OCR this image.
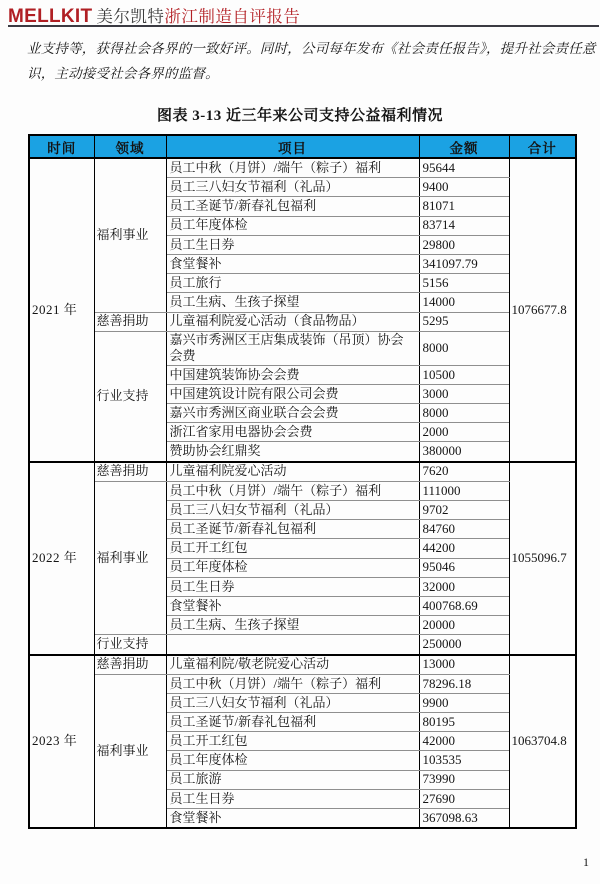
MELLKIT 美尔凯特浙江制造自评报告
业支持等，获得社会各界的一致好评。同时，公司每年发布《社会责任报告》，提升社会责任意
识，主动接受社会各界的监督。
图表 3-13 近三年来公司支持公益福利情况
时间	领域	项目	金额	合计
2021 年	福利事业	员工中秋（月饼）/端午（粽子）福利	95644	1076677.8
		员工三八妇女节福利（礼品）	9400	
		员工圣诞节/新春礼包福利	81071	
		员工年度体检	83714	
		员工生日券	29800	
		食堂餐补	341097.79	
		员工旅行	5156	
		员工生病、生孩子探望	14000	
	慈善捐助	儿童福利院爱心活动（食品物品）	5295	
	行业支持	嘉兴市秀洲区王店集成装饰（吊顶）协会会费	8000	
		中国建筑装饰协会会费	10500	
		中国建筑设计院有限公司会费	3000	
		嘉兴市秀洲区商业联合会会费	8000	
		浙江省家用电器协会会费	2000	
		赞助协会红鼎奖	380000	
2022 年	慈善捐助	儿童福利院爱心活动	7620	1055096.7
	福利事业	员工中秋（月饼）/端午（粽子）福利	111000	
		员工三八妇女节福利（礼品）	9702	
		员工圣诞节/新春礼包福利	84760	
		员工开工红包	44200	
		员工年度体检	95046	
		员工生日券	32000	
		食堂餐补	400768.69	
		员工生病、生孩子探望	20000	
	行业支持		250000	
2023 年	慈善捐助	儿童福利院/敬老院爱心活动	13000	1063704.8
	福利事业	员工中秋（月饼）/端午（粽子）福利	78296.18	
		员工三八妇女节福利（礼品）	9900	
		员工圣诞节/新春礼包福利	80195	
		员工开工红包	42000	
		员工年度体检	103535	
		员工旅游	73990	
		员工生日券	27690	
		食堂餐补	367098.63	
1
